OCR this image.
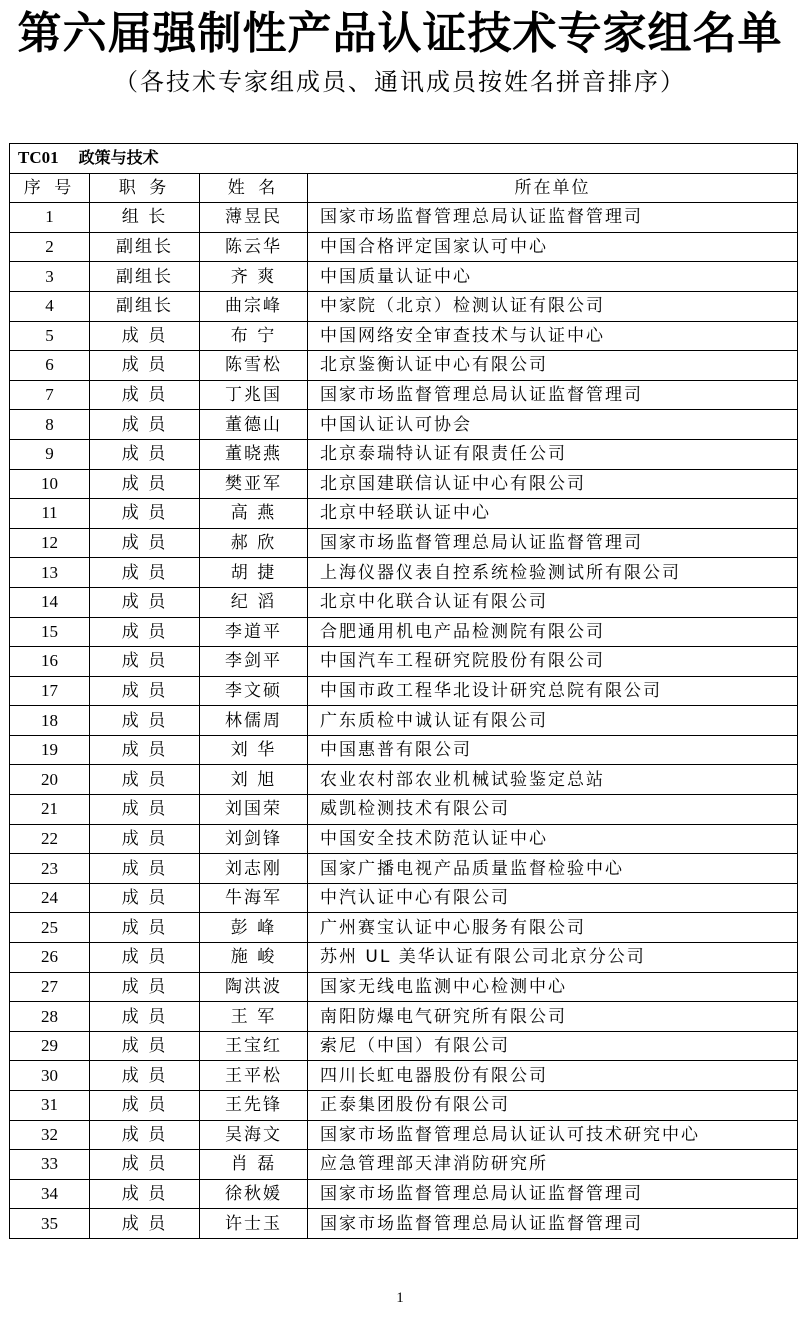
第六届强制性产品认证技术专家组名单
（各技术专家组成员、通讯成员按姓名拼音排序）
TC01 政策与技术			
序 号	职 务	姓 名	所在单位
1	组 长	薄昱民	国家市场监督管理总局认证监督管理司
2	副组长	陈云华	中国合格评定国家认可中心
3	副组长	齐 爽	中国质量认证中心
4	副组长	曲宗峰	中家院（北京）检测认证有限公司
5	成 员	布 宁	中国网络安全审查技术与认证中心
6	成 员	陈雪松	北京鉴衡认证中心有限公司
7	成 员	丁兆国	国家市场监督管理总局认证监督管理司
8	成 员	董德山	中国认证认可协会
9	成 员	董晓燕	北京泰瑞特认证有限责任公司
10	成 员	樊亚军	北京国建联信认证中心有限公司
11	成 员	高 燕	北京中轻联认证中心
12	成 员	郝 欣	国家市场监督管理总局认证监督管理司
13	成 员	胡 捷	上海仪器仪表自控系统检验测试所有限公司
14	成 员	纪 滔	北京中化联合认证有限公司
15	成 员	李道平	合肥通用机电产品检测院有限公司
16	成 员	李剑平	中国汽车工程研究院股份有限公司
17	成 员	李文硕	中国市政工程华北设计研究总院有限公司
18	成 员	林儒周	广东质检中诚认证有限公司
19	成 员	刘 华	中国惠普有限公司
20	成 员	刘 旭	农业农村部农业机械试验鉴定总站
21	成 员	刘国荣	威凯检测技术有限公司
22	成 员	刘剑锋	中国安全技术防范认证中心
23	成 员	刘志刚	国家广播电视产品质量监督检验中心
24	成 员	牛海军	中汽认证中心有限公司
25	成 员	彭 峰	广州赛宝认证中心服务有限公司
26	成 员	施 峻	苏州 UL 美华认证有限公司北京分公司
27	成 员	陶洪波	国家无线电监测中心检测中心
28	成 员	王 军	南阳防爆电气研究所有限公司
29	成 员	王宝红	索尼（中国）有限公司
30	成 员	王平松	四川长虹电器股份有限公司
31	成 员	王先锋	正泰集团股份有限公司
32	成 员	吴海文	国家市场监督管理总局认证认可技术研究中心
33	成 员	肖 磊	应急管理部天津消防研究所
34	成 员	徐秋媛	国家市场监督管理总局认证监督管理司
35	成 员	许士玉	国家市场监督管理总局认证监督管理司
1
